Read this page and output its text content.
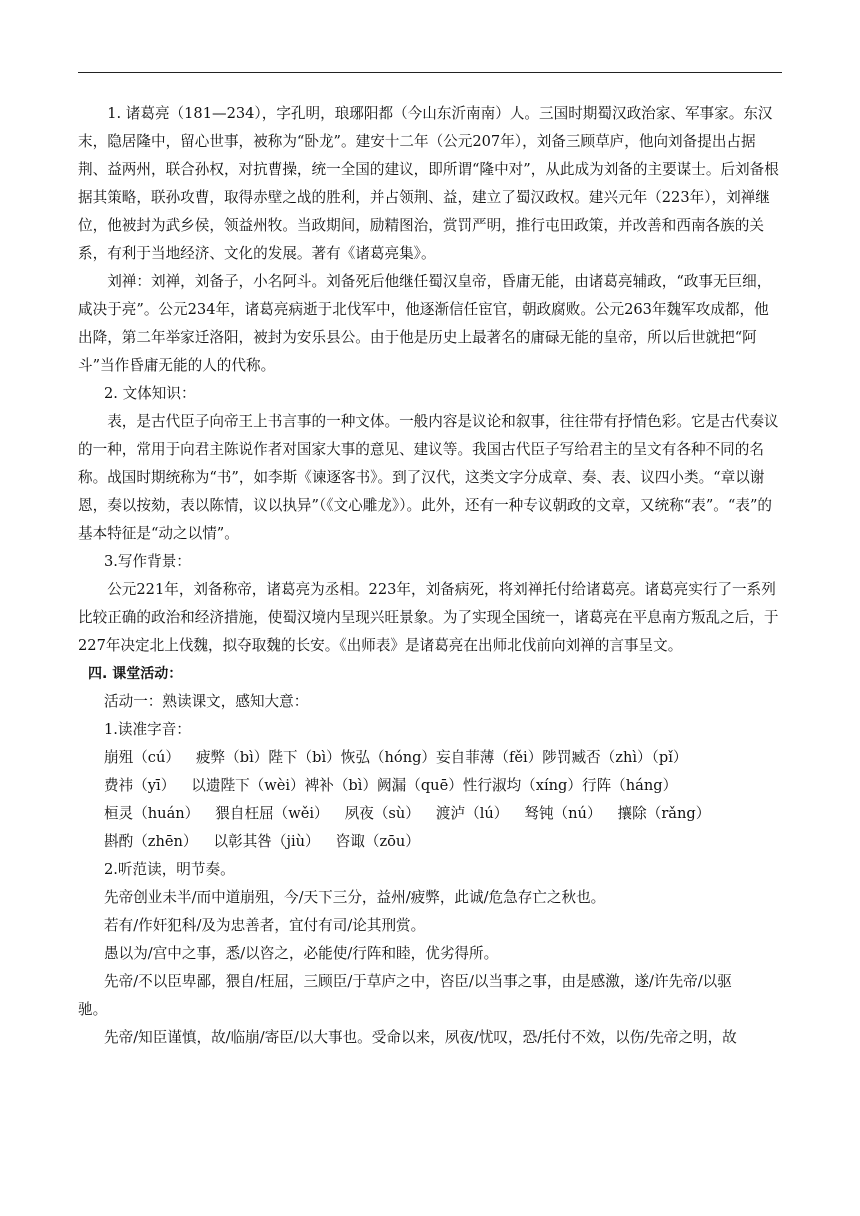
1. 诸葛亮（181—234），字孔明，琅琊阳都（今山东沂南南）人。三国时期蜀汉政治家、军事家。东汉末，隐居隆中，留心世事，被称为“卧龙”。建安十二年（公元207年），刘备三顾草庐，他向刘备提出占据荆、益两州，联合孙权，对抗曹操，统一全国的建议，即所谓“隆中对”，从此成为刘备的主要谋士。后刘备根据其策略，联孙攻曹，取得赤壁之战的胜利，并占领荆、益，建立了蜀汉政权。建兴元年（223年），刘禅继位，他被封为武乡侯，领益州牧。当政期间，励精图治，赏罚严明，推行屯田政策，并改善和西南各族的关系，有利于当地经济、文化的发展。著有《诸葛亮集》。

刘禅：刘禅，刘备子，小名阿斗。刘备死后他继任蜀汉皇帝，昏庸无能，由诸葛亮辅政，“政事无巨细，咸决于亮”。公元234年，诸葛亮病逝于北伐军中，他逐渐信任宦官，朝政腐败。公元263年魏军攻成都，他出降，第二年举家迁洛阳，被封为安乐县公。由于他是历史上最著名的庸碌无能的皇帝，所以后世就把“阿斗”当作昏庸无能的人的代称。

2. 文体知识：

表，是古代臣子向帝王上书言事的一种文体。一般内容是议论和叙事，往往带有抒情色彩。它是古代奏议的一种，常用于向君主陈说作者对国家大事的意见、建议等。我国古代臣子写给君主的呈文有各种不同的名称。战国时期统称为“书”，如李斯《谏逐客书》。到了汉代，这类文字分成章、奏、表、议四小类。“章以谢恩，奏以按劾，表以陈情，议以执异”（《文心雕龙》）。此外，还有一种专议朝政的文章，又统称“表”。“表”的基本特征是“动之以情”。

3.写作背景：

公元221年，刘备称帝，诸葛亮为丞相。223年，刘备病死，将刘禅托付给诸葛亮。诸葛亮实行了一系列比较正确的政治和经济措施，使蜀汉境内呈现兴旺景象。为了实现全国统一，诸葛亮在平息南方叛乱之后，于227年决定北上伐魏，拟夺取魏的长安。《出师表》是诸葛亮在出师北伐前向刘禅的言事呈文。

四. 课堂活动：

活动一：熟读课文，感知大意：

1.读准字音：

崩殂（cú） 疲弊（bì）陛下（bì）恢弘（hóng）妄自菲薄（fěi）陟罚臧否（zhì）（pǐ）

费祎（yī） 以遗陛下（wèi）裨补（bì）阙漏（quē）性行淑均（xíng）行阵（háng）

桓灵（huán） 猥自枉屈（wěi） 夙夜（sù） 渡泸（lú） 驽钝（nú） 攘除（rǎng）

斟酌（zhēn） 以彰其咎（jiù） 咨诹（zōu）

2.听范读，明节奏。

先帝创业未半/而中道崩殂，今/天下三分，益州/疲弊，此诚/危急存亡之秋也。

若有/作奸犯科/及为忠善者，宜付有司/论其刑赏。

愚以为/宫中之事，悉/以咨之，必能使/行阵和睦，优劣得所。

先帝/不以臣卑鄙，猥自/枉屈，三顾臣/于草庐之中，咨臣/以当事之事，由是感激，遂/许先帝/以驱

驰。

先帝/知臣谨慎，故/临崩/寄臣/以大事也。受命以来，夙夜/忧叹，恐/托付不效，以伤/先帝之明，故
